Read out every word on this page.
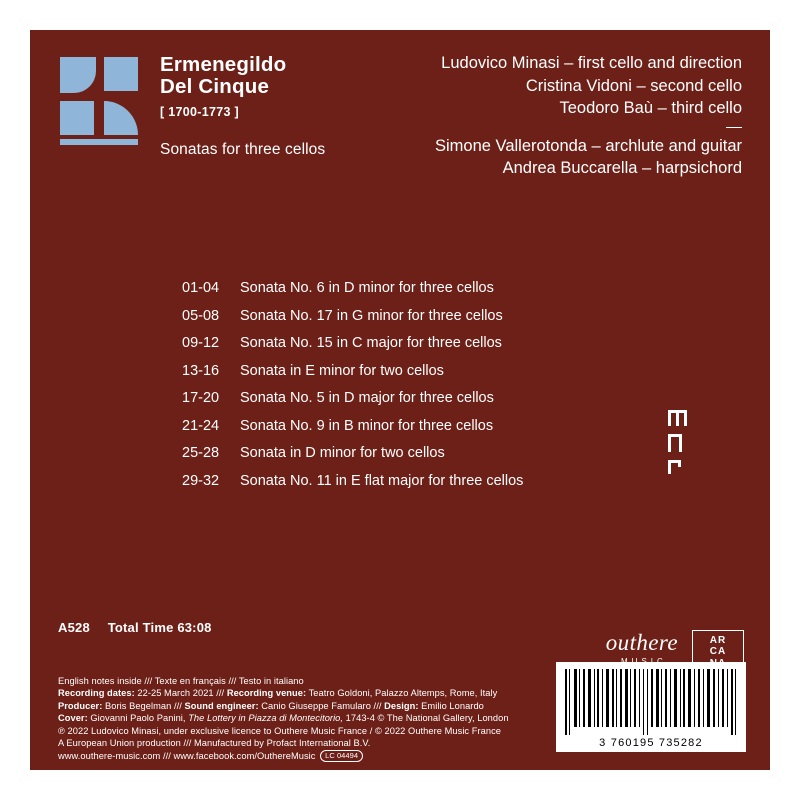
Ermenegildo
Del Cinque
[ 1700-1773 ]
Sonatas for three cellos
Ludovico Minasi – first cello and direction
Cristina Vidoni – second cello
Teodoro Baù – third cello
Simone Vallerotonda – archlute and guitar
Andrea Buccarella – harpsichord
01-04	Sonata No. 6 in D minor for three cellos
05-08	Sonata No. 17 in G minor for three cellos
09-12	Sonata No. 15 in C major for three cellos
13-16	Sonata in E minor for two cellos
17-20	Sonata No. 5 in D major for three cellos
21-24	Sonata No. 9 in B minor for three cellos
25-28	Sonata in D minor for two cellos
29-32	Sonata No. 11 in E flat major for three cellos
A528 Total Time 63:08
outhere	AR
CA
English notes inside /// Texte en français /// Testo in italiano
Recording dates: 22-25 March 2021 /// Recording venue: Teatro Goldoni, Palazzo Altemps, Rome, Italy
Producer: Boris Begelman /// Sound engineer: Canio Giuseppe Famularo /// Design: Emilio Lonardo
Cover: Giovanni Paolo Panini, The Lottery in Piazza di Montecitorio, 1743-4 © The National Gallery, London
℗ 2022 Ludovico Minasi, under exclusive licence to Outhere Music France / © 2022 Outhere Music France
A European Union production /// Manufactured by Profact International B.V.
www.outhere-music.com /// www.facebook.com/OuthereMusic LC 04494
3 760195 735282
